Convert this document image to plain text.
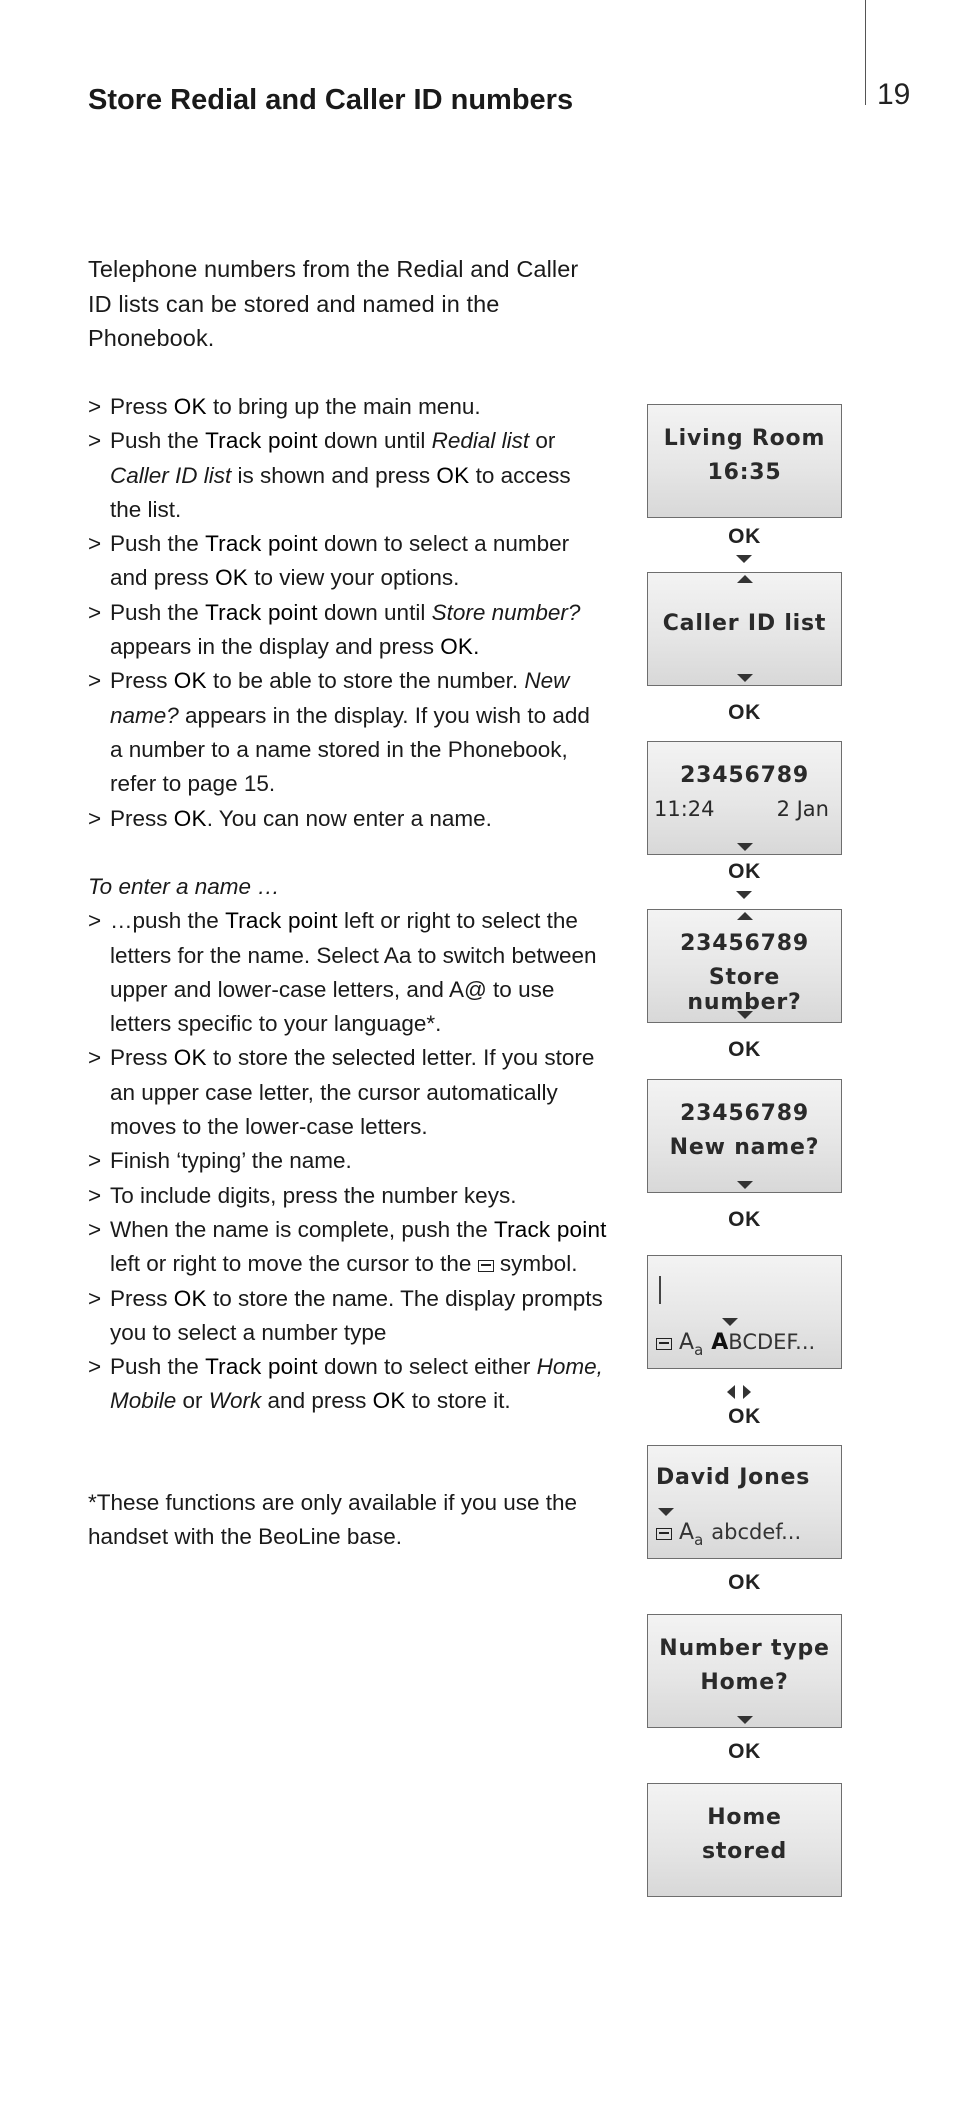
19
Store Redial and Caller ID numbers
Telephone numbers from the Redial and Caller ID lists can be stored and named in the Phonebook.
> Press OK to bring up the main menu.
> Push the Track point down until Redial list or Caller ID list is shown and press OK to access the list.
> Push the Track point down to select a number and press OK to view your options.
> Push the Track point down until Store number? appears in the display and press OK.
> Press OK to be able to store the number. New name? appears in the display. If you wish to add a number to a name stored in the Phonebook, refer to page 15.
> Press OK. You can now enter a name.
To enter a name …
> …push the Track point left or right to select the letters for the name. Select Aa to switch between upper and lower-case letters, and A@ to use letters specific to your language*.
> Press OK to store the selected letter. If you store an upper case letter, the cursor automatically moves to the lower-case letters.
> Finish ‘typing’ the name.
> To include digits, press the number keys.
> When the name is complete, push the Track point left or right to move the cursor to the  symbol.
> Press OK to store the name. The display prompts you to select a number type
> Push the Track point down to select either Home, Mobile or Work and press OK to store it.
*These functions are only available if you use the handset with the BeoLine base.
Living Room
16:35
OK
Caller ID list
OK
23456789
11:24	2 Jan
OK
23456789
Store number?
OK
23456789
New name?
OK
$A_a$ ABCDEF...
OK
David Jones
$A_a$ abcdef...
OK
Number type
Home?
OK
Home
stored
